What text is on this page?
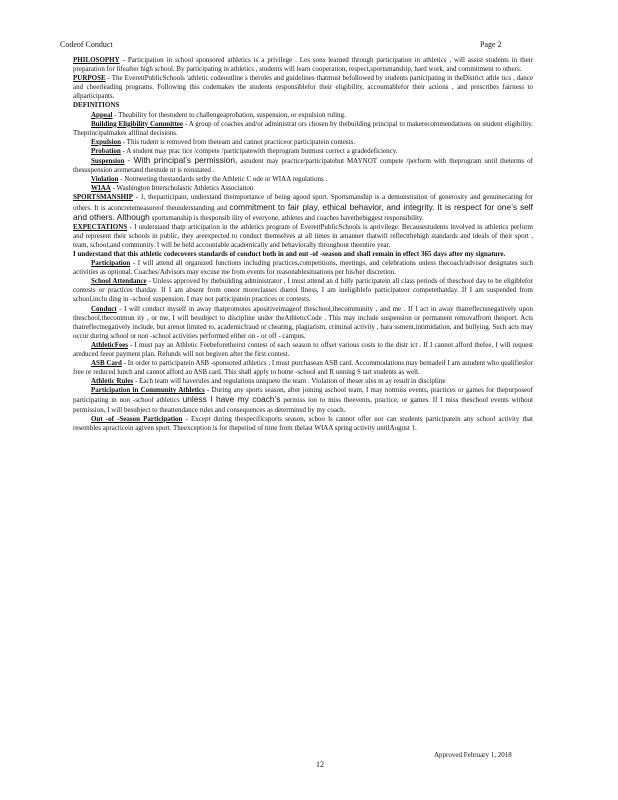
Codeof Conduct	Page 2

PHILOSOPHY - Participation in school sponsored athletics is a privilege . Les sons learned through participation in athletics , will assist students in their preparation for lifeafter high school. By participating in athletics , students will learn cooperation, respect,sportsmanship, hard work, and commitment to others.

PURPOSE - The EverettPublicSchools 'athletic codeoutline s theroles and guidelines thatmust befollowed by students participating in theDistrict athle tics , dance and cheerleading programs. Following this codemakes the students responsiblefor their eligibility, accountablefor their actions , and prescribes fairness to allparticipants.

DEFINITIONS

Appeal - Theability for thestudent to challengeaprobation, suspension, or expulsion ruling.

Building Eligibility Committee - A group of coaches and/or administrat ors chosen by thebuilding principal to makerecommendations on student eligibility. Theprincipalmakes allfinal decisions.

Expulsion - This tudent is removed from theteam and cannot practiceor participatein contests.

Probation - A student may prac tice /compete /participatewith theprogram butmust correct a gradedeficiency.

Suspension - With principal’s permission, astudent may practice/participatebut MAYNOT compete /perform with theprogram until theterms of thesuspension aremetand thestude nt is reinstated .

Violation - Notmeeting thestandards setby the Athletic C ode or WIAA regulations .

WIAA - Washington Interscholastic Athletics Association

SPORTSMANSHIP - 1, theparticipant, understand theimportance of being agood sport. Sportsmanship is a demonstration of generosity and genuinecaring for others. It is aconcretemeasureof theunderstanding and commitment to fair play, ethical behavior, and integrity. It is respect for one’s self and others. Although sportsmanship is thesponsib ility of everyone, athletes and coaches havethebiggest responsibility.

EXPECTATIONS - I understand thatp articipation in the athletics program of EverettPublicSchools is aprivilege. Becausestudents involved in athletics perform and represent their schools in public, they areexpected to conduct themselves at all times in amanner thatwill reflectthehigh standards and ideals of their sport , team, school,and community. I will be held accountable academically and behaviorally throughout theentire year.

I understand that this athletic codecovers standards of conduct both in and out -of -season and shall remain in effect 365 days after my signature.

Participation - I will attend all organized functions including practices,competitions, meetings, and celebrations unless thecoach/advisor designates such activities as optional. Coaches/Advisors may excuse me from events for reasonablesituations per his/her discretion.

School Attendance - Unless approved by thebuilding administrator , I must attend an d fully participatein all class periods of theschool day to be eligiblefor contests or practices thatday. If I am absent from oneor moreclasses duetoi llness, I am ineligiblefo participateor competethatday. If I am suspended from school,inclu ding in -school suspension, I may not participatein practices or contests.

Conduct - I will conduct myself in away thatpromotes apositiveimageof theschool,thecommunity , and me . If I act in away thatreflectsnegatively upon theschool,thecommun ity , or me, I will besubject to discipline under theAthleticCode . This may include suspension or permanent removalfrom thesport. Acts thatreflectnegatively include, but arenot limited to, academicfraud or cheating, plagiarism, criminal activity , hara ssment,intimidation, and bullying. Such acts may occur during school or non -school activities performed either on - or off - campus.

AthleticFees - I must pay an Athletic Feebeforetheirst contest of each season to offset various costs to the distr ict . If I cannot afford thefee, I will request areduced feeor payment plan. Refunds will not begiven after the first contest.

ASB Card - In order to participatein ASB -sponsored athletics , I must purchasean ASB card. Accommodations may bemadeif I am astudent who qualifiesfor free or reduced lunch and cannot afford an ASB card. This shall apply to home -school and R unning S tart students as well.

Athletic Rules - Each team will haverules and regulations uniqueto the team . Violation of theser ules m ay result in discipline

Participation in Community Athletics - During any sports season, after joining aschool team, I may notmiss events, practices or games for thepurposeof participating in non -school athletics unless I have my coach’s permiss ion to miss theevents, practice, or games. If I miss theschool events without permission, I will besubject to theattendance rules and consequences as determined by my coach.

Out -of -Season Participation - Except during thespecificsports season, schoo ls cannot offer nor can students participatein any school activity that resembles apracticein agiven sport. Theexception is for theperiod of time from thelast WIAA spring activity untilAugust 1.

Approved February 1, 2018
12
